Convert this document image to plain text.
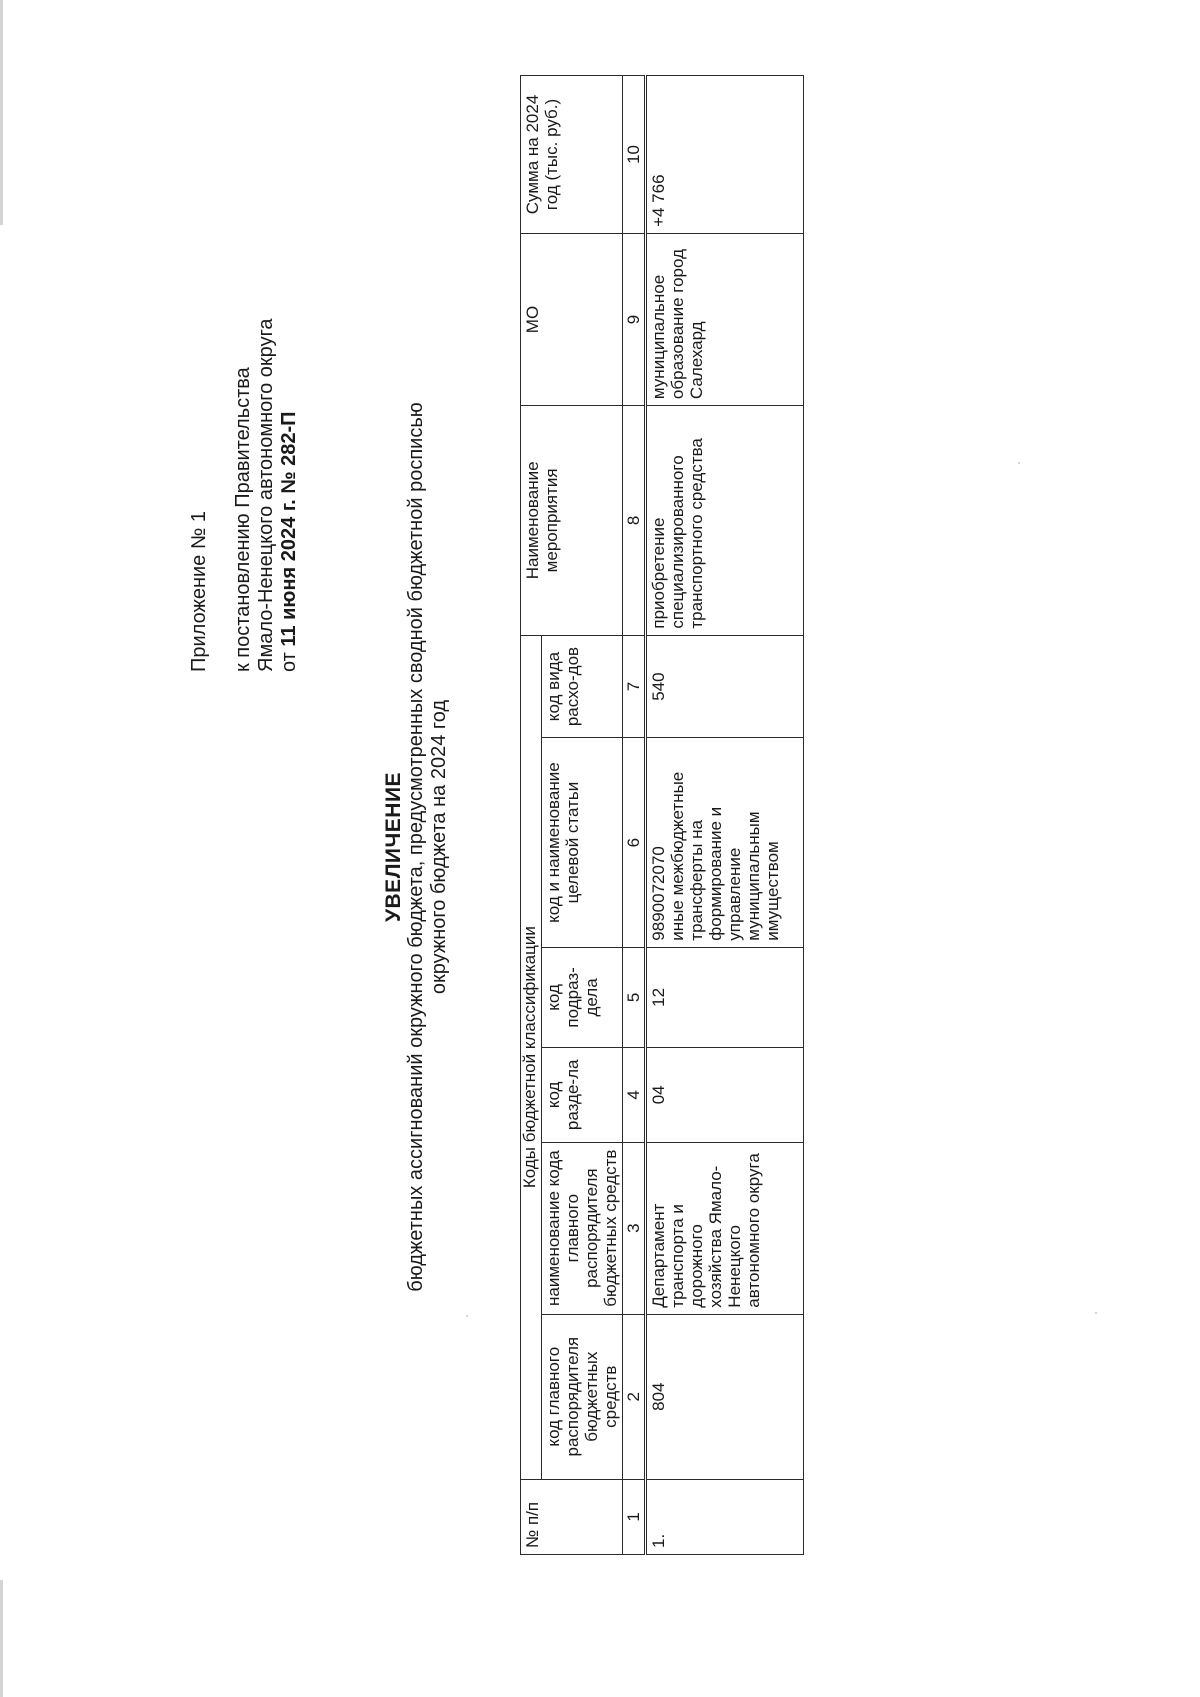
Приложение № 1 к постановлению Правительства Ямало-Ненецкого автономного округа от 11 июня 2024 г. № 282-П
УВЕЛИЧЕНИЕ бюджетных ассигнований окружного бюджета, предусмотренных сводной бюджетной росписью окружного бюджета на 2024 год
№ п/п	Коды бюджетной классификации						Наименование мероприятия	МО	Сумма на 2024 год (тыс. руб.)
	код главного распорядителя бюджетных средств	наименование кода главного распорядителя бюджетных средств	код разде-ла	код подраз-дела	код и наименование целевой статьи	код вида расхо-дов			
1	2	3	4	5	6	7	8	9	10
1.	804	Департамент транспорта и дорожного хозяйства Ямало-Ненецкого автономного округа	04	12	9890072070 иные межбюджетные трансферты на формирование и управление муниципальным имуществом	540	приобретение специализированного транспортного средства	муниципальное образование город Салехард	+4 766
